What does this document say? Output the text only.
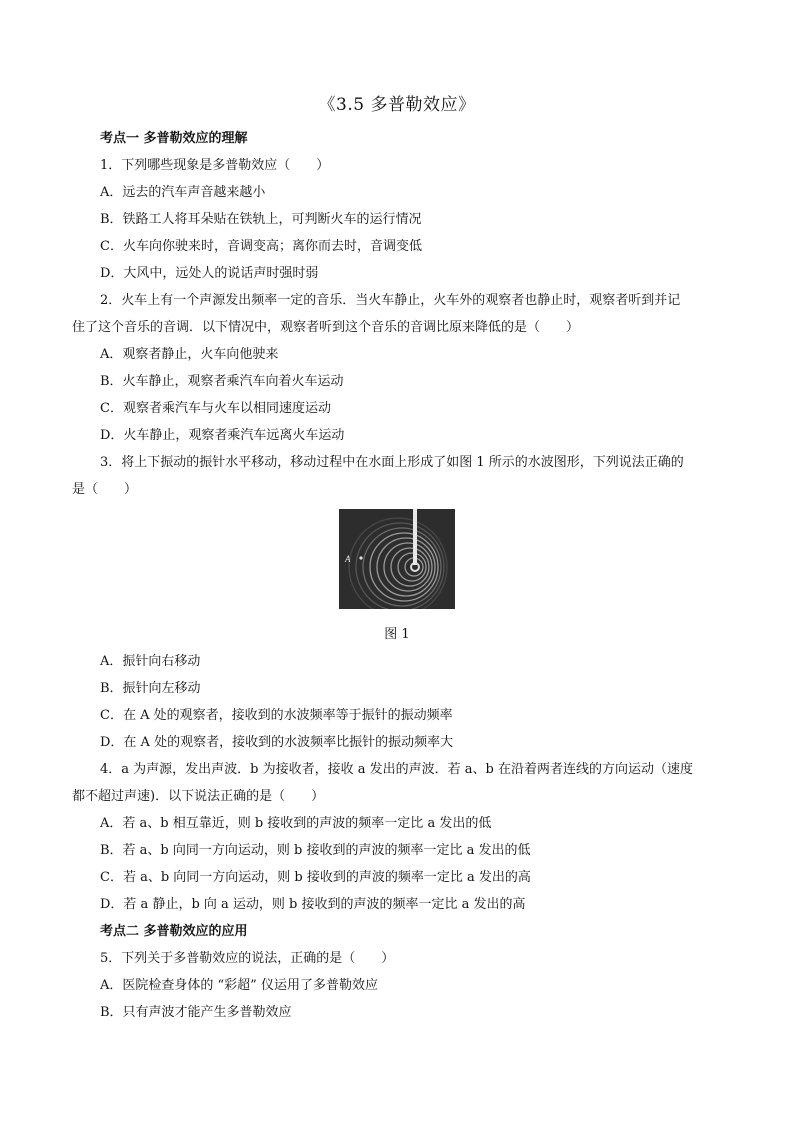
《3.5 多普勒效应》
考点一 多普勒效应的理解
1．下列哪些现象是多普勒效应（　　）
A．远去的汽车声音越来越小
B．铁路工人将耳朵贴在铁轨上，可判断火车的运行情况
C．火车向你驶来时，音调变高；离你而去时，音调变低
D．大风中，远处人的说话声时强时弱
2．火车上有一个声源发出频率一定的音乐．当火车静止，火车外的观察者也静止时，观察者听到并记
住了这个音乐的音调．以下情况中，观察者听到这个音乐的音调比原来降低的是（　　）
A．观察者静止，火车向他驶来
B．火车静止，观察者乘汽车向着火车运动
C．观察者乘汽车与火车以相同速度运动
D．火车静止，观察者乘汽车远离火车运动
3．将上下振动的振针水平移动，移动过程中在水面上形成了如图 1 所示的水波图形，下列说法正确的
是（　　）
A
图 1
A．振针向右移动
B．振针向左移动
C．在 A 处的观察者，接收到的水波频率等于振针的振动频率
D．在 A 处的观察者，接收到的水波频率比振针的振动频率大
4．a 为声源，发出声波．b 为接收者，接收 a 发出的声波．若 a、b 在沿着两者连线的方向运动（速度
都不超过声速)．以下说法正确的是（　　）
A．若 a、b 相互靠近，则 b 接收到的声波的频率一定比 a 发出的低
B．若 a、b 向同一方向运动，则 b 接收到的声波的频率一定比 a 发出的低
C．若 a、b 向同一方向运动，则 b 接收到的声波的频率一定比 a 发出的高
D．若 a 静止，b 向 a 运动，则 b 接收到的声波的频率一定比 a 发出的高
考点二 多普勒效应的应用
5．下列关于多普勒效应的说法，正确的是（　　）
A．医院检查身体的 “彩超” 仪运用了多普勒效应
B．只有声波才能产生多普勒效应
